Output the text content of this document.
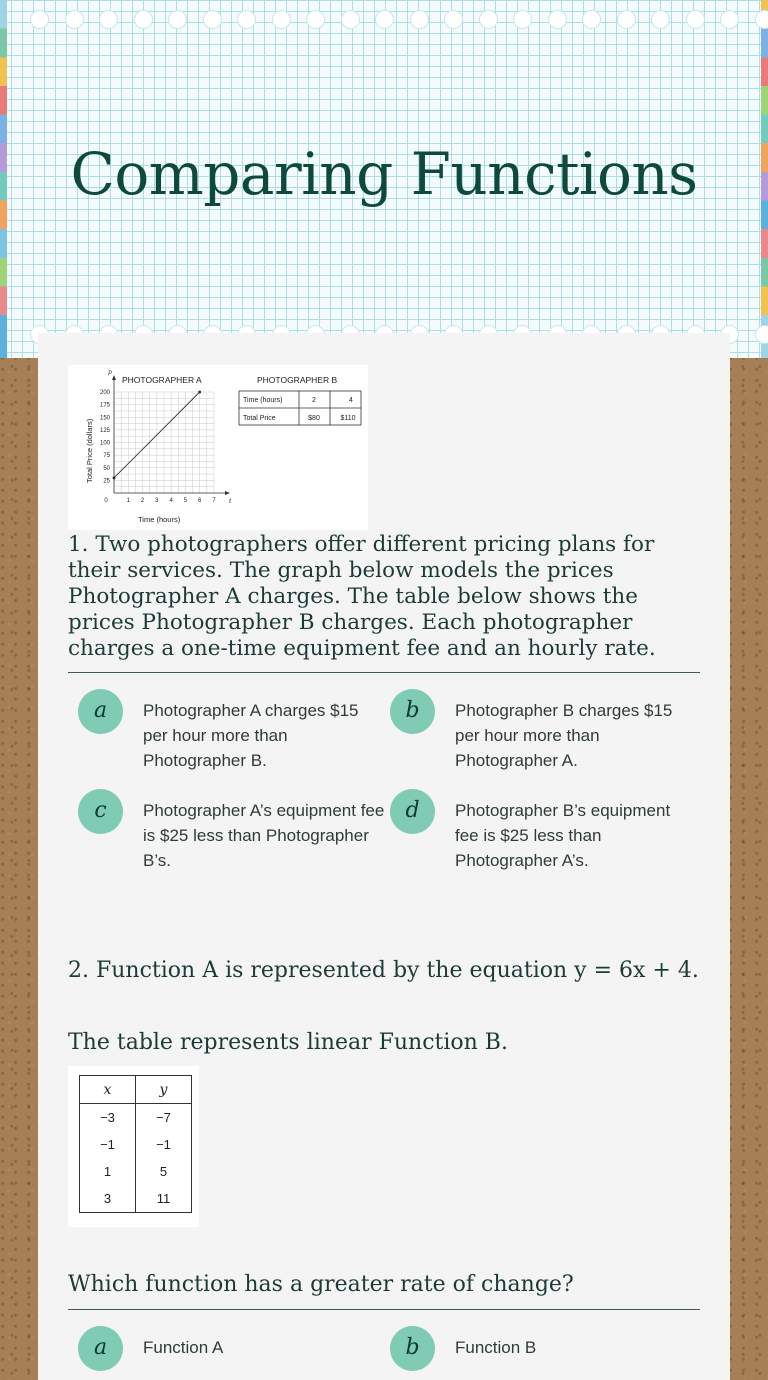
Comparing Functions
PHOTOGRAPHER A
p
t
25
50
75
100
125
150
175
200
0	1 2 3 4 5 6 7
Time (hours)
Total Price (dollars)
PHOTOGRAPHER B
Time (hours)	2	4
Total Price	$80	$110
1. Two photographers offer different pricing plans for their services. The graph below models the prices Photographer A charges. The table below shows the prices Photographer B charges. Each photographer charges a one-time equipment fee and an hourly rate.
a	Photographer A charges $15 per hour more than Photographer B.
b	Photographer B charges $15 per hour more than Photographer A.
c	Photographer A’s equipment fee is $25 less than Photographer B’s.
d	Photographer B’s equipment fee is $25 less than Photographer A’s.
2. Function A is represented by the equation y = 6x + 4.
The table represents linear Function B.
x	y
−3	−7
−1	−1
1	5
3	11
Which function has a greater rate of change?
a	Function A	b	Function B
